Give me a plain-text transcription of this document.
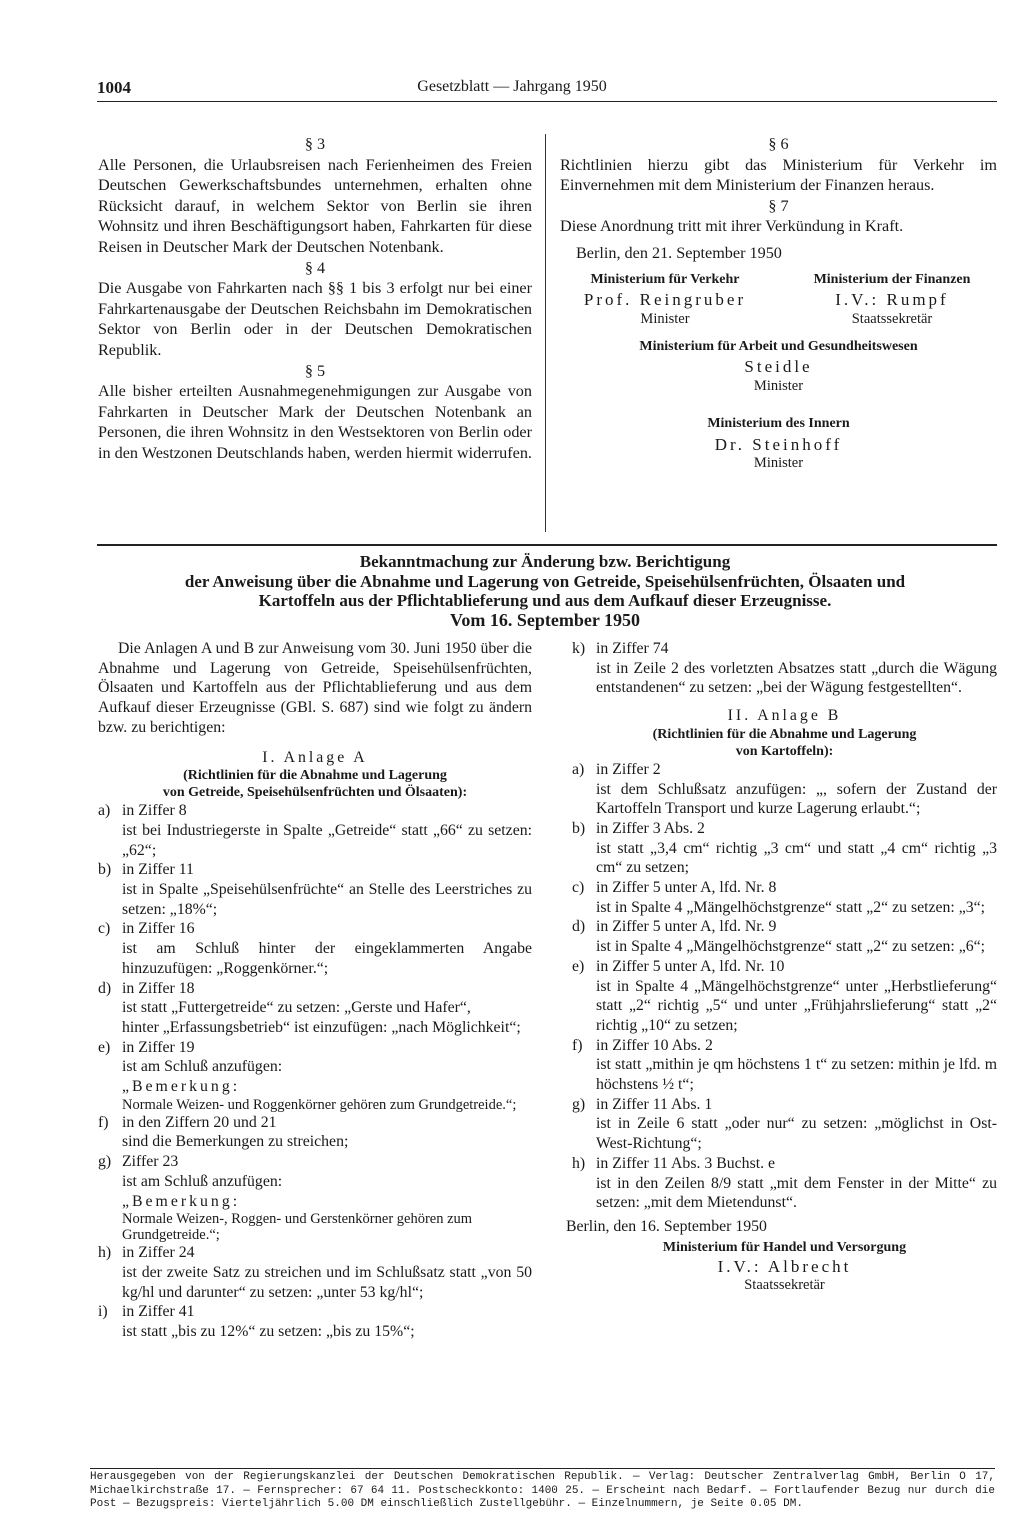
1004	Gesetzblatt — Jahrgang 1950

§ 3

Alle Personen, die Urlaubsreisen nach Ferienheimen des Freien Deutschen Gewerkschaftsbundes unternehmen, erhalten ohne Rücksicht darauf, in welchem Sektor von Berlin sie ihren Wohnsitz und ihren Beschäftigungsort haben, Fahrkarten für diese Reisen in Deutscher Mark der Deutschen Notenbank.

§ 4

Die Ausgabe von Fahrkarten nach §§ 1 bis 3 erfolgt nur bei einer Fahrkartenausgabe der Deutschen Reichsbahn im Demokratischen Sektor von Berlin oder in der Deutschen Demokratischen Republik.

§ 5

Alle bisher erteilten Ausnahmegenehmigungen zur Ausgabe von Fahrkarten in Deutscher Mark der Deutschen Notenbank an Personen, die ihren Wohnsitz in den Westsektoren von Berlin oder in den Westzonen Deutschlands haben, werden hiermit widerrufen.

§ 6

Richtlinien hierzu gibt das Ministerium für Verkehr im Einvernehmen mit dem Ministerium der Finanzen heraus.

§ 7

Diese Anordnung tritt mit ihrer Verkündung in Kraft.

Berlin, den 21. September 1950

Ministerium für Verkehr
Prof. Reingruber
Minister
Ministerium der Finanzen
I.V.: Rumpf
Staatssekretär
Ministerium für Arbeit und Gesundheitswesen
Steidle
Minister
Ministerium des Innern
Dr. Steinhoff
Minister
Bekanntmachung zur Änderung bzw. Berichtigung
der Anweisung über die Abnahme und Lagerung von Getreide, Speisehülsenfrüchten, Ölsaaten und
Kartoffeln aus der Pflichtablieferung und aus dem Aufkauf dieser Erzeugnisse.
Vom 16. September 1950

Die Anlagen A und B zur Anweisung vom 30. Juni 1950 über die Abnahme und Lagerung von Getreide, Speisehülsenfrüchten, Ölsaaten und Kartoffeln aus der Pflichtablieferung und aus dem Aufkauf dieser Erzeugnisse (GBl. S. 687) sind wie folgt zu ändern bzw. zu berichtigen:

I. Anlage A

(Richtlinien für die Abnahme und Lagerung
von Getreide, Speisehülsenfrüchten und Ölsaaten):
a) in Ziffer 8
ist bei Industriegerste in Spalte „Getreide“ statt „66“ zu setzen: „62“;
b) in Ziffer 11
ist in Spalte „Speisehülsenfrüchte“ an Stelle des Leerstriches zu setzen: „18%“;
c) in Ziffer 16
ist am Schluß hinter der eingeklammerten Angabe hinzuzufügen: „Roggenkörner.“;
d) in Ziffer 18
ist statt „Futtergetreide“ zu setzen: „Gerste und Hafer“,
hinter „Erfassungsbetrieb“ ist einzufügen: „nach Möglichkeit“;
e) in Ziffer 19
ist am Schluß anzufügen:
„Bemerkung:
Normale Weizen- und Roggenkörner gehören zum Grundgetreide.“;
f) in den Ziffern 20 und 21
sind die Bemerkungen zu streichen;
g) Ziffer 23
ist am Schluß anzufügen:
„Bemerkung:
Normale Weizen-, Roggen- und Gerstenkörner gehören zum Grundgetreide.“;
h) in Ziffer 24
ist der zweite Satz zu streichen und im Schlußsatz statt „von 50 kg/hl und darunter“ zu setzen: „unter 53 kg/hl“;
i) in Ziffer 41
ist statt „bis zu 12%“ zu setzen: „bis zu 15%“;
k) in Ziffer 74
ist in Zeile 2 des vorletzten Absatzes statt „durch die Wägung entstandenen“ zu setzen: „bei der Wägung festgestellten“.

II. Anlage B

(Richtlinien für die Abnahme und Lagerung
von Kartoffeln):
a) in Ziffer 2
ist dem Schlußsatz anzufügen: „, sofern der Zustand der Kartoffeln Transport und kurze Lagerung erlaubt.“;
b) in Ziffer 3 Abs. 2
ist statt „3,4 cm“ richtig „3 cm“ und statt „4 cm“ richtig „3 cm“ zu setzen;
c) in Ziffer 5 unter A, lfd. Nr. 8
ist in Spalte 4 „Mängelhöchstgrenze“ statt „2“ zu setzen: „3“;
d) in Ziffer 5 unter A, lfd. Nr. 9
ist in Spalte 4 „Mängelhöchstgrenze“ statt „2“ zu setzen: „6“;
e) in Ziffer 5 unter A, lfd. Nr. 10
ist in Spalte 4 „Mängelhöchstgrenze“ unter „Herbstlieferung“ statt „2“ richtig „5“ und unter „Frühjahrslieferung“ statt „2“ richtig „10“ zu setzen;
f) in Ziffer 10 Abs. 2
ist statt „mithin je qm höchstens 1 t“ zu setzen: mithin je lfd. m höchstens ½ t“;
g) in Ziffer 11 Abs. 1
ist in Zeile 6 statt „oder nur“ zu setzen: „möglichst in Ost-West-Richtung“;
h) in Ziffer 11 Abs. 3 Buchst. e
ist in den Zeilen 8/9 statt „mit dem Fenster in der Mitte“ zu setzen: „mit dem Mietendunst“.

Berlin, den 16. September 1950

Ministerium für Handel und Versorgung
I.V.: Albrecht
Staatssekretär
Herausgegeben von der Regierungskanzlei der Deutschen Demokratischen Republik. — Verlag: Deutscher Zentralverlag GmbH, Berlin O 17, Michaelkirchstraße 17. — Fernsprecher: 67 64 11. Postscheckkonto: 1400 25. — Erscheint nach Bedarf. — Fortlaufender Bezug nur durch die Post — Bezugspreis: Vierteljährlich 5.00 DM einschließlich Zustellgebühr. — Einzelnummern, je Seite 0.05 DM.
